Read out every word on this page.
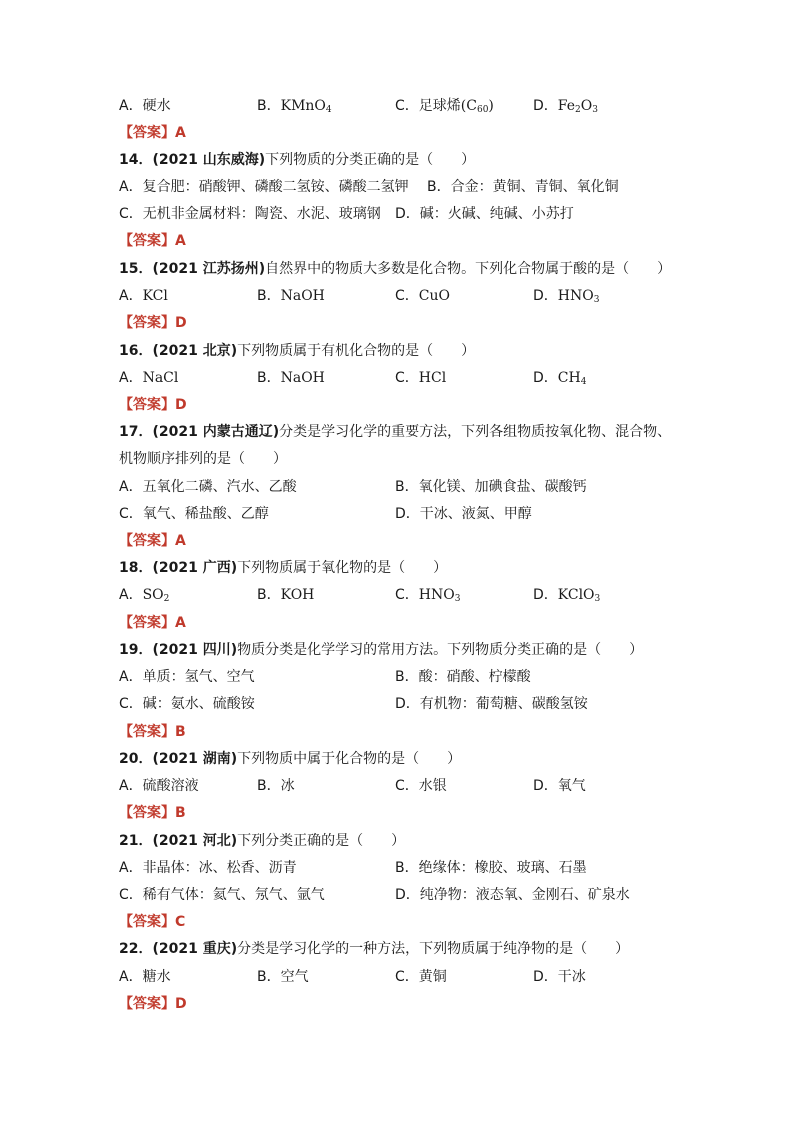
A．硬水	B．KMnO$_4$	C．足球烯$(C_{60})$	D．$Fe_2O_3$
【答案】A
14．(2021 山东威海)下列物质的分类正确的是（　　）
A．复合肥：硝酸钾、磷酸二氢铵、磷酸二氢钾 B．合金：黄铜、青铜、氧化铜
C．无机非金属材料：陶瓷、水泥、玻璃钢 D．碱：火碱、纯碱、小苏打
【答案】A
15．(2021 江苏扬州)自然界中的物质大多数是化合物。下列化合物属于酸的是（　　）
A．KCl	B．NaOH	C．CuO	D．$HNO_3$
【答案】D
16．(2021 北京)下列物质属于有机化合物的是（　　）
A．NaCl	B．NaOH	C．HCl	D．$CH_4$
【答案】D
17．(2021 内蒙古通辽)分类是学习化学的重要方法，下列各组物质按氧化物、混合物、
机物顺序排列的是（　　）
A．五氧化二磷、汽水、乙酸	B．氧化镁、加碘食盐、碳酸钙
C．氧气、稀盐酸、乙醇	D．干冰、液氮、甲醇
【答案】A
18．(2021 广西)下列物质属于氧化物的是（　　）
A．$SO_2$	B．KOH	C．$HNO_3$	D．KClO$_3$
【答案】A
19．(2021 四川)物质分类是化学学习的常用方法。下列物质分类正确的是（　　）
A．单质：氢气、空气	B．酸：硝酸、柠檬酸
C．碱：氨水、硫酸铵	D．有机物：葡萄糖、碳酸氢铵
【答案】B
20．(2021 湖南)下列物质中属于化合物的是（　　）
A．硫酸溶液	B．冰	C．水银	D．氧气
【答案】B
21．(2021 河北)下列分类正确的是（　　）
A．非晶体：冰、松香、沥青	B．绝缘体：橡胶、玻璃、石墨
C．稀有气体：氦气、氖气、氩气	D．纯净物：液态氧、金刚石、矿泉水
【答案】C
22．(2021 重庆)分类是学习化学的一种方法，下列物质属于纯净物的是（　　）
A．糖水	B．空气	C．黄铜	D．干冰
【答案】D
